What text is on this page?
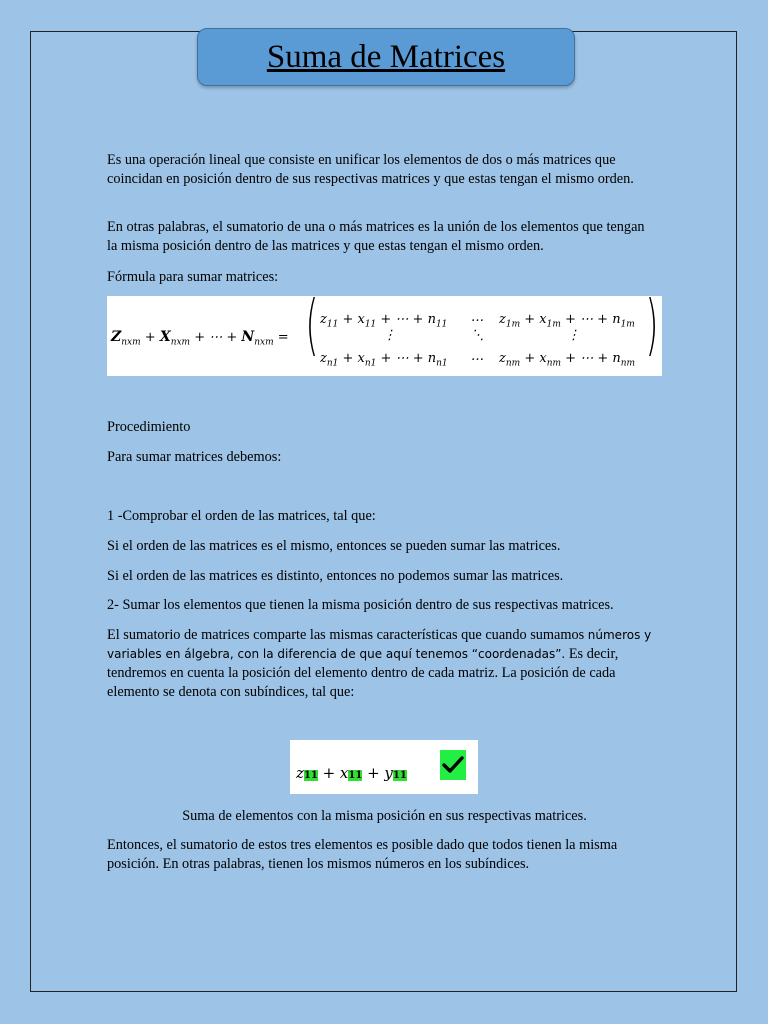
Suma de Matrices

Es una operación lineal que consiste en unificar los elementos de dos o más matrices que coincidan en posición dentro de sus respectivas matrices y que estas tengan el mismo orden.

En otras palabras, el sumatorio de una o más matrices es la unión de los elementos que tengan la misma posición dentro de las matrices y que estas tengan el mismo orden.

Fórmula para sumar matrices:

$Z_{nxm} + X_{nxm}$ + ⋯ + $N_{nxm}$ = ( $z_{11} + x_{11}$ + ⋯ + $n_{11}$ … $z_{1m} + x_{1m}$ + ⋯ + $n_{1m}$
⋮	⋱	⋮
$z_{n1} + x_{n1}$ + ⋯ + $n_{n1}$ … $z_{nm} + x_{nm}$ + ⋯ + $n_{nm}$
)

Procedimiento

Para sumar matrices debemos:

1 -Comprobar el orden de las matrices, tal que:

Si el orden de las matrices es el mismo, entonces se pueden sumar las matrices.

Si el orden de las matrices es distinto, entonces no podemos sumar las matrices.

2- Sumar los elementos que tienen la misma posición dentro de sus respectivas matrices.

El sumatorio de matrices comparte las mismas características que cuando sumamos números y variables en álgebra, con la diferencia de que aquí tenemos “coordenadas”. Es decir, tendremos en cuenta la posición del elemento dentro de cada matriz. La posición de cada elemento se denota con subíndices, tal que:

z11 + x11 + y11

Suma de elementos con la misma posición en sus respectivas matrices.

Entonces, el sumatorio de estos tres elementos es posible dado que todos tienen la misma posición. En otras palabras, tienen los mismos números en los subíndices.
